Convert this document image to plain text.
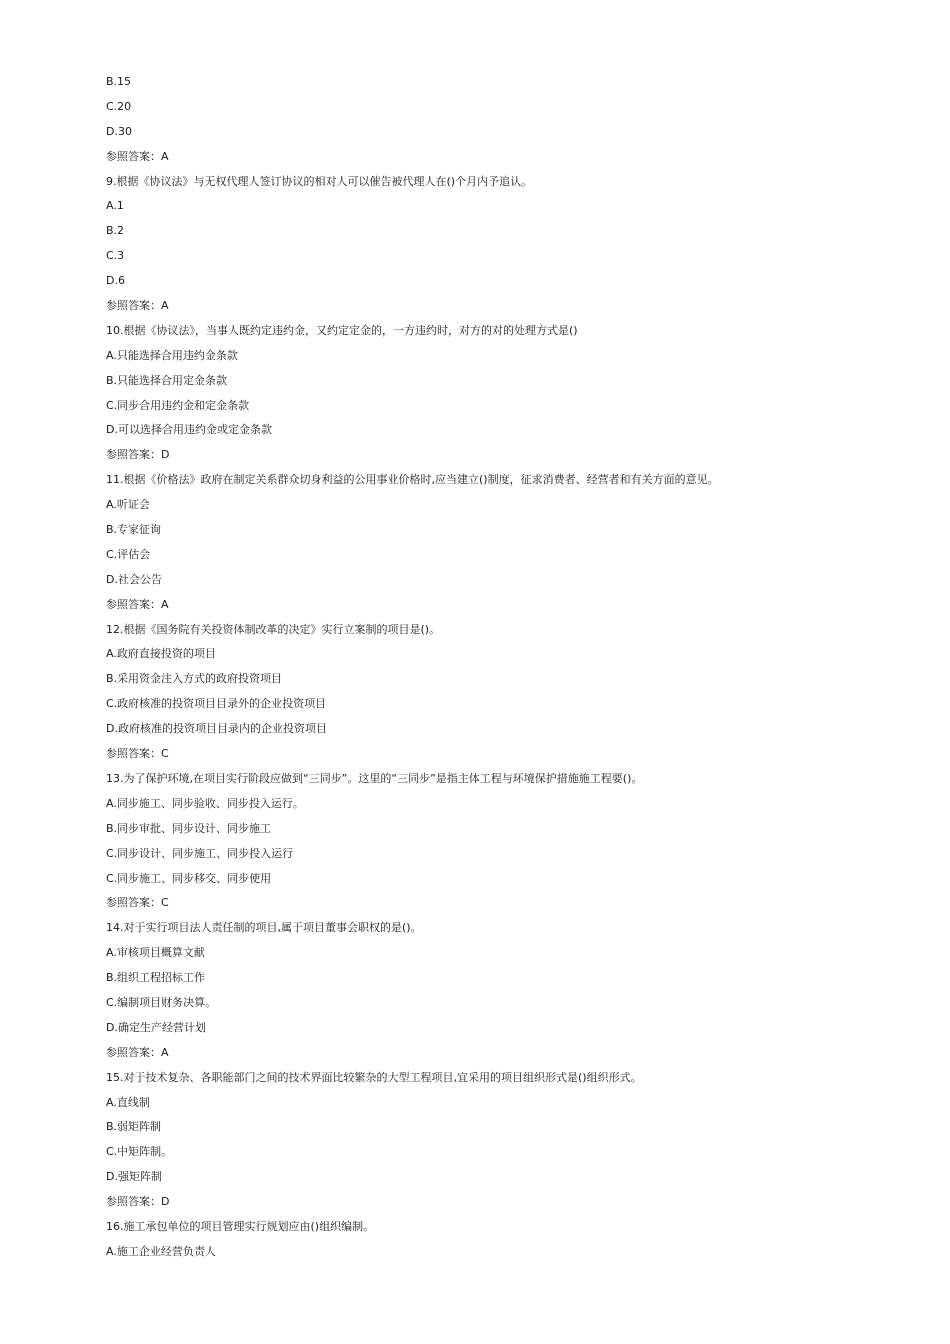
B.15
C.20
D.30
参照答案：A
9.根据《协议法》与无权代理人签订协议的相对人可以催告被代理人在()个月内予追认。
A.1
B.2
C.3
D.6
参照答案：A
10.根据《协议法》，当事人既约定违约金，又约定定金的，一方违约时，对方的对的处理方式是()
A.只能选择合用违约金条款
B.只能选择合用定金条款
C.同步合用违约金和定金条款
D.可以选择合用违约金或定金条款
参照答案：D
11.根据《价格法》政府在制定关系群众切身利益的公用事业价格时,应当建立()制度，征求消费者、经营者和有关方面的意见。
A.听证会
B.专家征询
C.评估会
D.社会公告
参照答案：A
12.根据《国务院有关投资体制改革的决定》实行立案制的项目是()。
A.政府直接投资的项目
B.采用资金注入方式的政府投资项目
C.政府核准的投资项目目录外的企业投资项目
D.政府核准的投资项目目录内的企业投资项目
参照答案：C
13.为了保护环境,在项目实行阶段应做到“三同步”。这里的“三同步”是指主体工程与环境保护措施施工程要()。
A.同步施工、同步验收、同步投入运行。
B.同步审批、同步设计、同步施工
C.同步设计、同步施工、同步投入运行
C.同步施工、同步移交、同步使用
参照答案：C
14.对于实行项目法人责任制的项目,属于项目董事会职权的是()。
A.审核项目概算文献
B.组织工程招标工作
C.编制项目财务决算。
D.确定生产经营计划
参照答案：A
15.对于技术复杂、各职能部门之间的技术界面比较繁杂的大型工程项目,宜采用的项目组织形式是()组织形式。
A.直线制
B.弱矩阵制
C.中矩阵制。
D.强矩阵制
参照答案：D
16.施工承包单位的项目管理实行规划应由()组织编制。
A.施工企业经营负责人
